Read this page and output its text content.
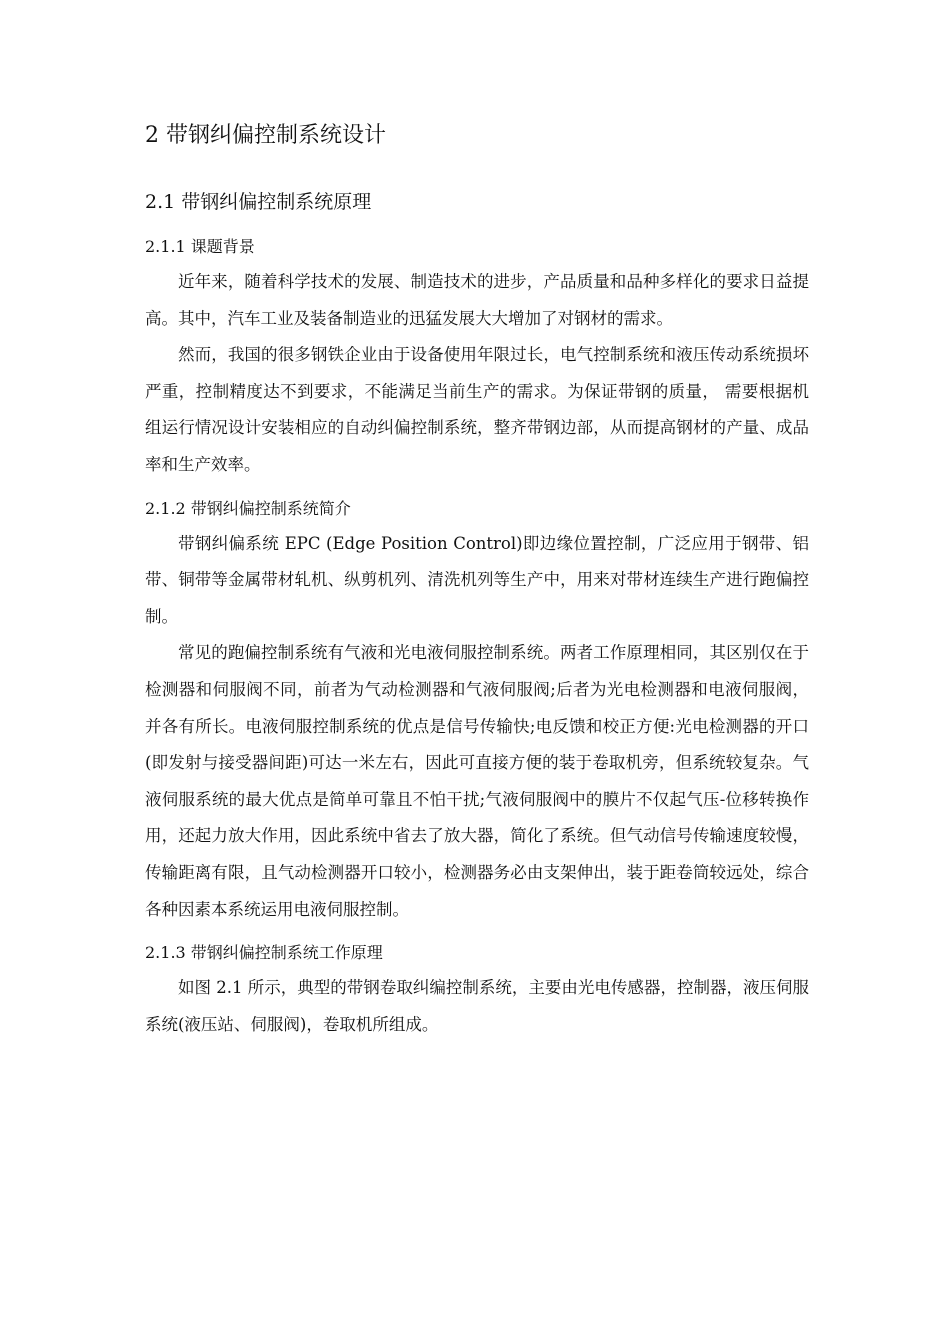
2 带钢纠偏控制系统设计
2.1 带钢纠偏控制系统原理
2.1.1 课题背景

近年来，随着科学技术的发展、制造技术的进步，产品质量和品种多样化的要求日益提高。其中，汽车工业及装备制造业的迅猛发展大大增加了对钢材的需求。

然而，我国的很多钢铁企业由于设备使用年限过长，电气控制系统和液压传动系统损坏严重，控制精度达不到要求，不能满足当前生产的需求。为保证带钢的质量， 需要根据机组运行情况设计安装相应的自动纠偏控制系统，整齐带钢边部，从而提高钢材的产量、成品率和生产效率。

2.1.2 带钢纠偏控制系统简介

带钢纠偏系统 EPC (Edge Position Control)即边缘位置控制，广泛应用于钢带、铝带、铜带等金属带材轧机、纵剪机列、清洗机列等生产中，用来对带材连续生产进行跑偏控制。

常见的跑偏控制系统有气液和光电液伺服控制系统。两者工作原理相同，其区别仅在于检测器和伺服阀不同，前者为气动检测器和气液伺服阀;后者为光电检测器和电液伺服阀，并各有所长。电液伺服控制系统的优点是信号传输快;电反馈和校正方便:光电检测器的开口(即发射与接受器间距)可达一米左右，因此可直接方便的装于卷取机旁，但系统较复杂。气液伺服系统的最大优点是简单可靠且不怕干扰;气液伺服阀中的膜片不仅起气压-位移转换作用，还起力放大作用，因此系统中省去了放大器，简化了系统。但气动信号传输速度较慢，传输距离有限，且气动检测器开口较小，检测器务必由支架伸出，装于距卷筒较远处，综合各种因素本系统运用电液伺服控制。

2.1.3 带钢纠偏控制系统工作原理

如图 2.1 所示，典型的带钢卷取纠编控制系统，主要由光电传感器，控制器，液压伺服系统(液压站、伺服阀)，卷取机所组成。
